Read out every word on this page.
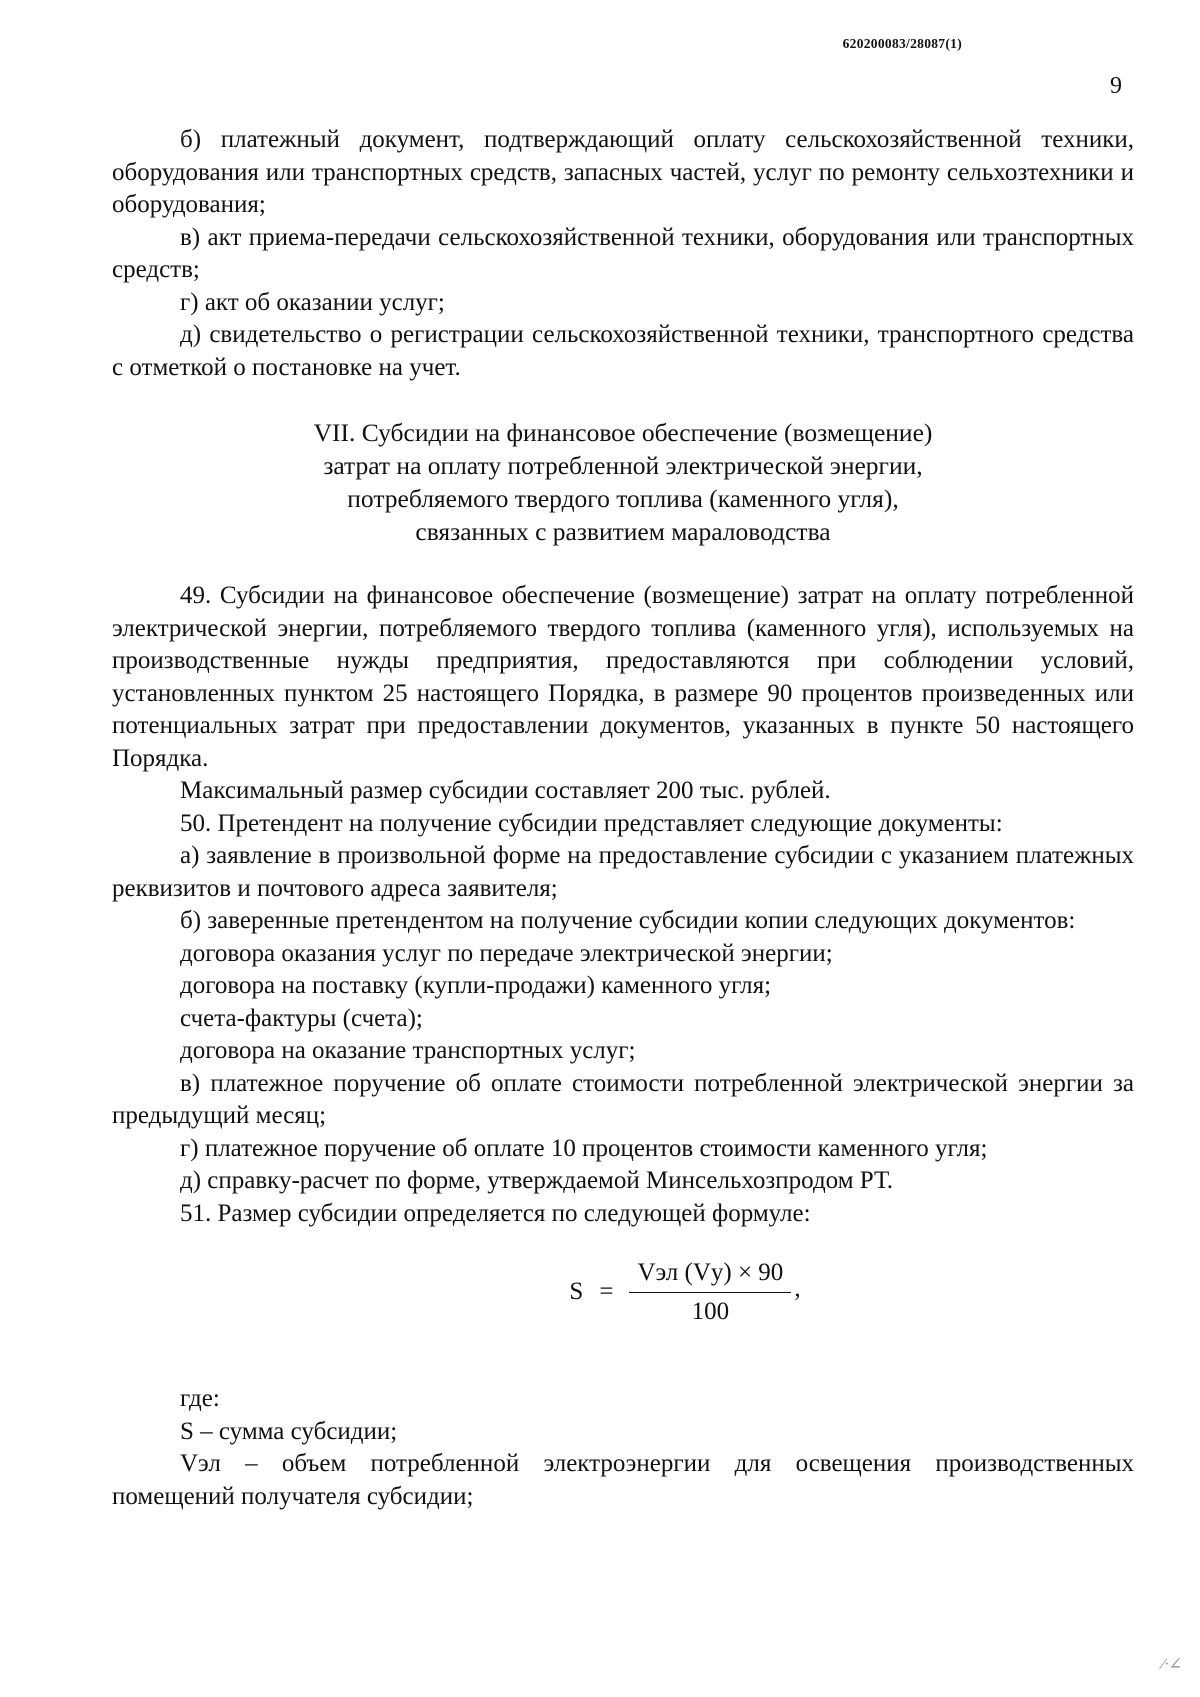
620200083/28087(1)
9

б) платежный документ, подтверждающий оплату сельскохозяйственной техники, оборудования или транспортных средств, запасных частей, услуг по ремонту сельхозтехники и оборудования;

в) акт приема-передачи сельскохозяйственной техники, оборудования или транспортных средств;

г) акт об оказании услуг;

д) свидетельство о регистрации сельскохозяйственной техники, транспортного средства с отметкой о постановке на учет.

VII. Субсидии на финансовое обеспечение (возмещение)
затрат на оплату потребленной электрической энергии,
потребляемого твердого топлива (каменного угля),
связанных с развитием мараловодства

49. Субсидии на финансовое обеспечение (возмещение) затрат на оплату потребленной электрической энергии, потребляемого твердого топлива (каменного угля), используемых на производственные нужды предприятия, предоставляются при соблюдении условий, установленных пунктом 25 настоящего Порядка, в размере 90 процентов произведенных или потенциальных затрат при предоставлении документов, указанных в пункте 50 настоящего Порядка.

Максимальный размер субсидии составляет 200 тыс. рублей.

50. Претендент на получение субсидии представляет следующие документы:

а) заявление в произвольной форме на предоставление субсидии с указанием платежных реквизитов и почтового адреса заявителя;

б) заверенные претендентом на получение субсидии копии следующих документов:

договора оказания услуг по передаче электрической энергии;

договора на поставку (купли-продажи) каменного угля;

счета-фактуры (счета);

договора на оказание транспортных услуг;

в) платежное поручение об оплате стоимости потребленной электрической энергии за предыдущий месяц;

г) платежное поручение об оплате 10 процентов стоимости каменного угля;

д) справку-расчет по форме, утверждаемой Минсельхозпродом РТ.

51. Размер субсидии определяется по следующей формуле:

$S = \frac{\text{Vэл (Vу) × 90}}{100}$ ,

где:

S – сумма субсидии;

Vэл – объем потребленной электроэнергии для освещения производственных помещений получателя субсидии;

⁄∙∠
